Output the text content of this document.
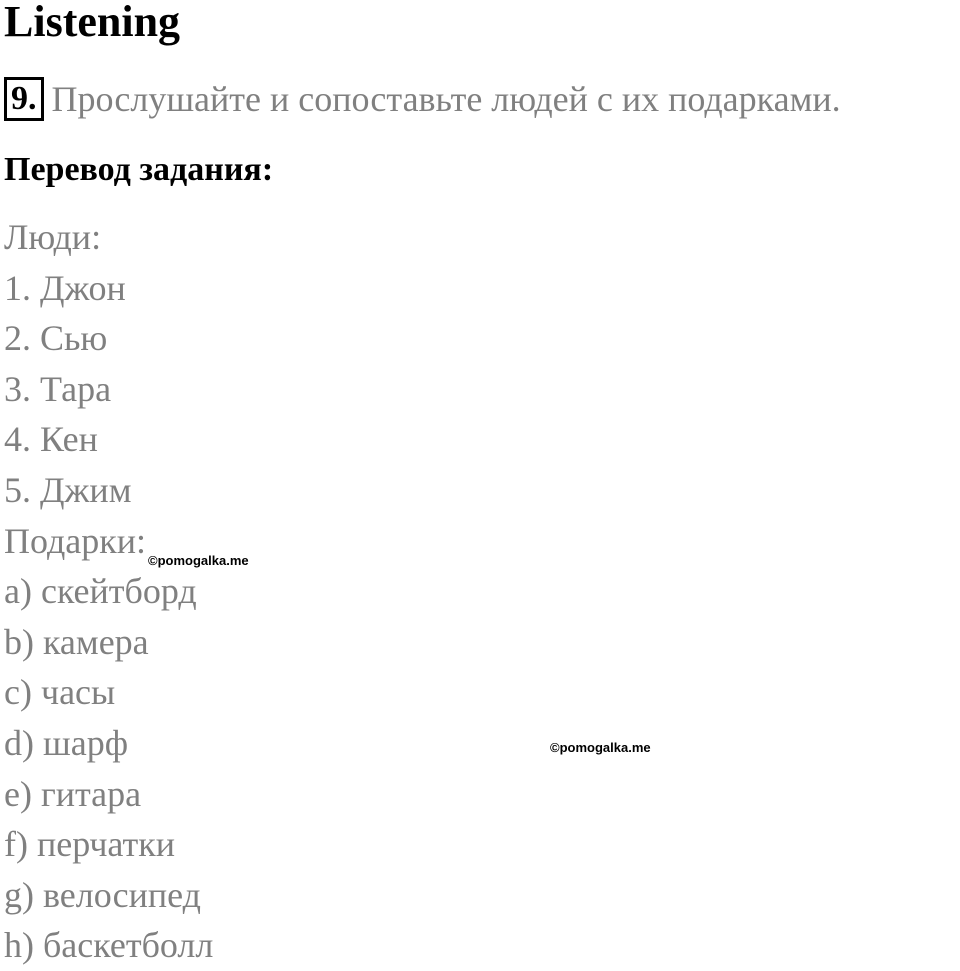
Listening
9. Прослушайте и сопоставьте людей с их подарками.
Перевод задания:
Люди:
1. Джон
2. Сью
3. Тара
4. Кен
5. Джим
Подарки:
a) скейтборд
b) камера
c) часы
d) шарф
e) гитара
f) перчатки
g) велосипед
h) баскетболл
©pomogalka.me
©pomogalka.me
